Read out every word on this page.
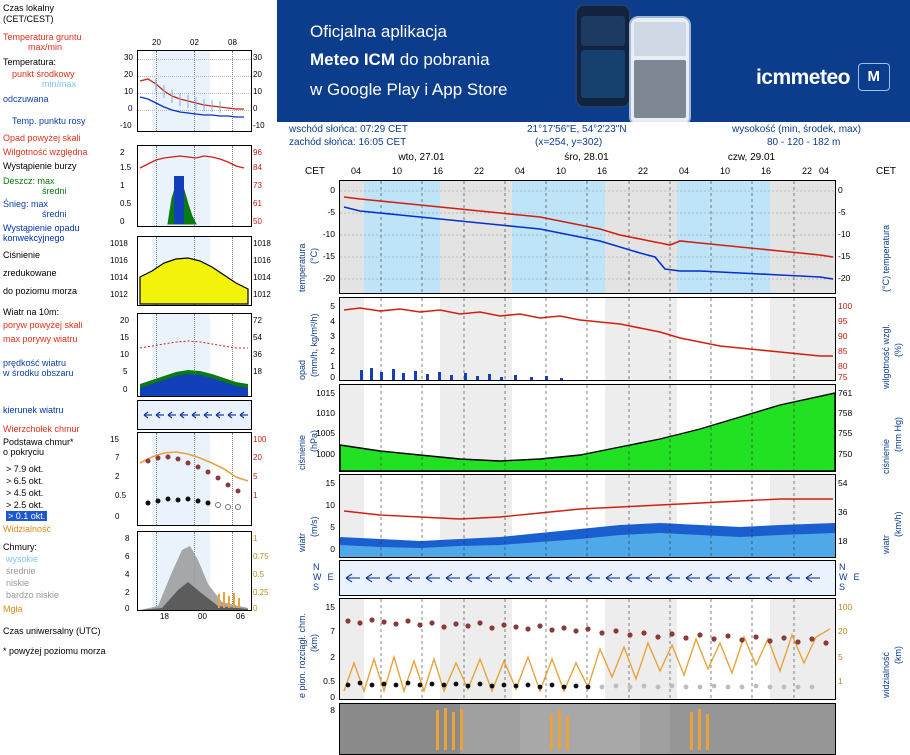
Czas lokalny
(CET/CEST)
Temperatura gruntu
max/min
Temperatura:
punkt środkowy
min/max
odczuwana
Temp. punktu rosy
Opad powyżej skali
Wilgotność względna
Wystąpienie burzy
Deszcz: max
średni
Śnieg: max
średni
Wystąpienie opadu
konwekcyjnego
Ciśnienie
zredukowane
do poziomu morza
Wiatr na 10m:
poryw powyżej skali
max porywy wiatru
prędkość wiatru
w środku obszaru
kierunek wiatru
Wierzchołek chmur
Podstawa chmur*
o pokryciu
> 7.9 okt.
> 6.5 okt.
> 4.5 okt.
> 2.5 okt.
> 0.1 okt.
Widzialność
Chmury:
wysokie
średnie
niskie
bardzo niskie
Mgła
Czas uniwersalny (UTC)
* powyżej poziomu morza
20	02	08
30
20
10
0
-10
30
20
10
0
-10
2
1.5
1
0.5
0
96
84
73
61
50
1018
1016
1014
1012
1018
1016
1014
1012
20
15
10
5
0
72
54
36
18
15
7
2
0.5
0
100
20
5
1
8
6
4
2
0
1
0.75
0.5
0.25
0
18	00	06
Oficjalna aplikacja
Meteo ICM do pobrania
w Google Play i App Store
icmmeteo M
wschód słońca: 07:29 CET
zachód słońca: 16:05 CET
21°17'56"E, 54°2'23"N
(x=254, y=302)
wysokość (min, środek, max)
80 - 120 - 182 m
wto, 27.01	śro, 28.01	czw, 29.01
CET	CET
04	10	16	22	04	10	16	22	04	10	16	22 04
temperatura (°C)
0
-5
-10
-15
-20
0
-5
-10
-15
-20	(°C) temperatura
opad (mm/h, kg/m²/h)
5
4
3
2
1
0
100
95
90
85
80
75	wilgotność wzgl. (%)
ciśnienie (hPa)
1015
1010
1005
1000
761
758
755
750	ciśnienie
(mm Hg)
wiatr
(m/s)
15
10
5
0
54
36
18	wiatr
(km/h)
N
W E
S
N
W E
S
e pion. rozciągł. chm. (km)
15
7
2
0.5
0
100
20
5
1	widzialność (km)
8
